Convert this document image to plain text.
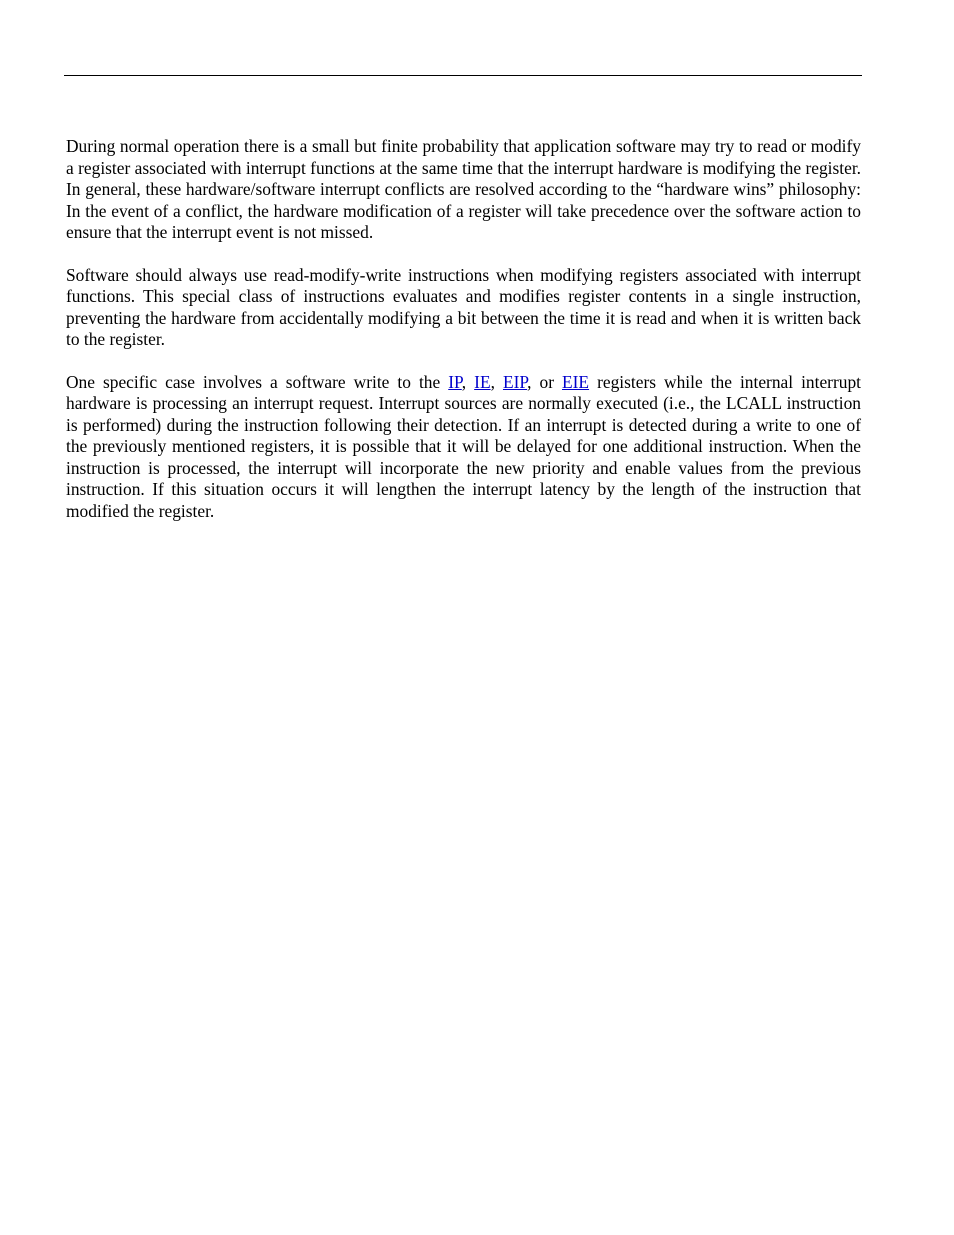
During normal operation there is a small but finite probability that application software may try to read or modify a register associated with interrupt functions at the same time that the interrupt hardware is modifying the register. In general, these hardware/software interrupt conflicts are resolved according to the “hardware wins” philosophy: In the event of a conflict, the hardware modification of a register will take precedence over the software action to ensure that the interrupt event is not missed.

Software should always use read-modify-write instructions when modifying registers associated with interrupt functions. This special class of instructions evaluates and modifies register contents in a single instruction, preventing the hardware from accidentally modifying a bit between the time it is read and when it is written back to the register.

One specific case involves a software write to the IP, IE, EIP, or EIE registers while the internal interrupt hardware is processing an interrupt request. Interrupt sources are normally executed (i.e., the LCALL instruction is performed) during the instruction following their detection. If an interrupt is detected during a write to one of the previously mentioned registers, it is possible that it will be delayed for one additional instruction. When the instruction is processed, the interrupt will incorporate the new priority and enable values from the previous instruction. If this situation occurs it will lengthen the interrupt latency by the length of the instruction that modified the register.
